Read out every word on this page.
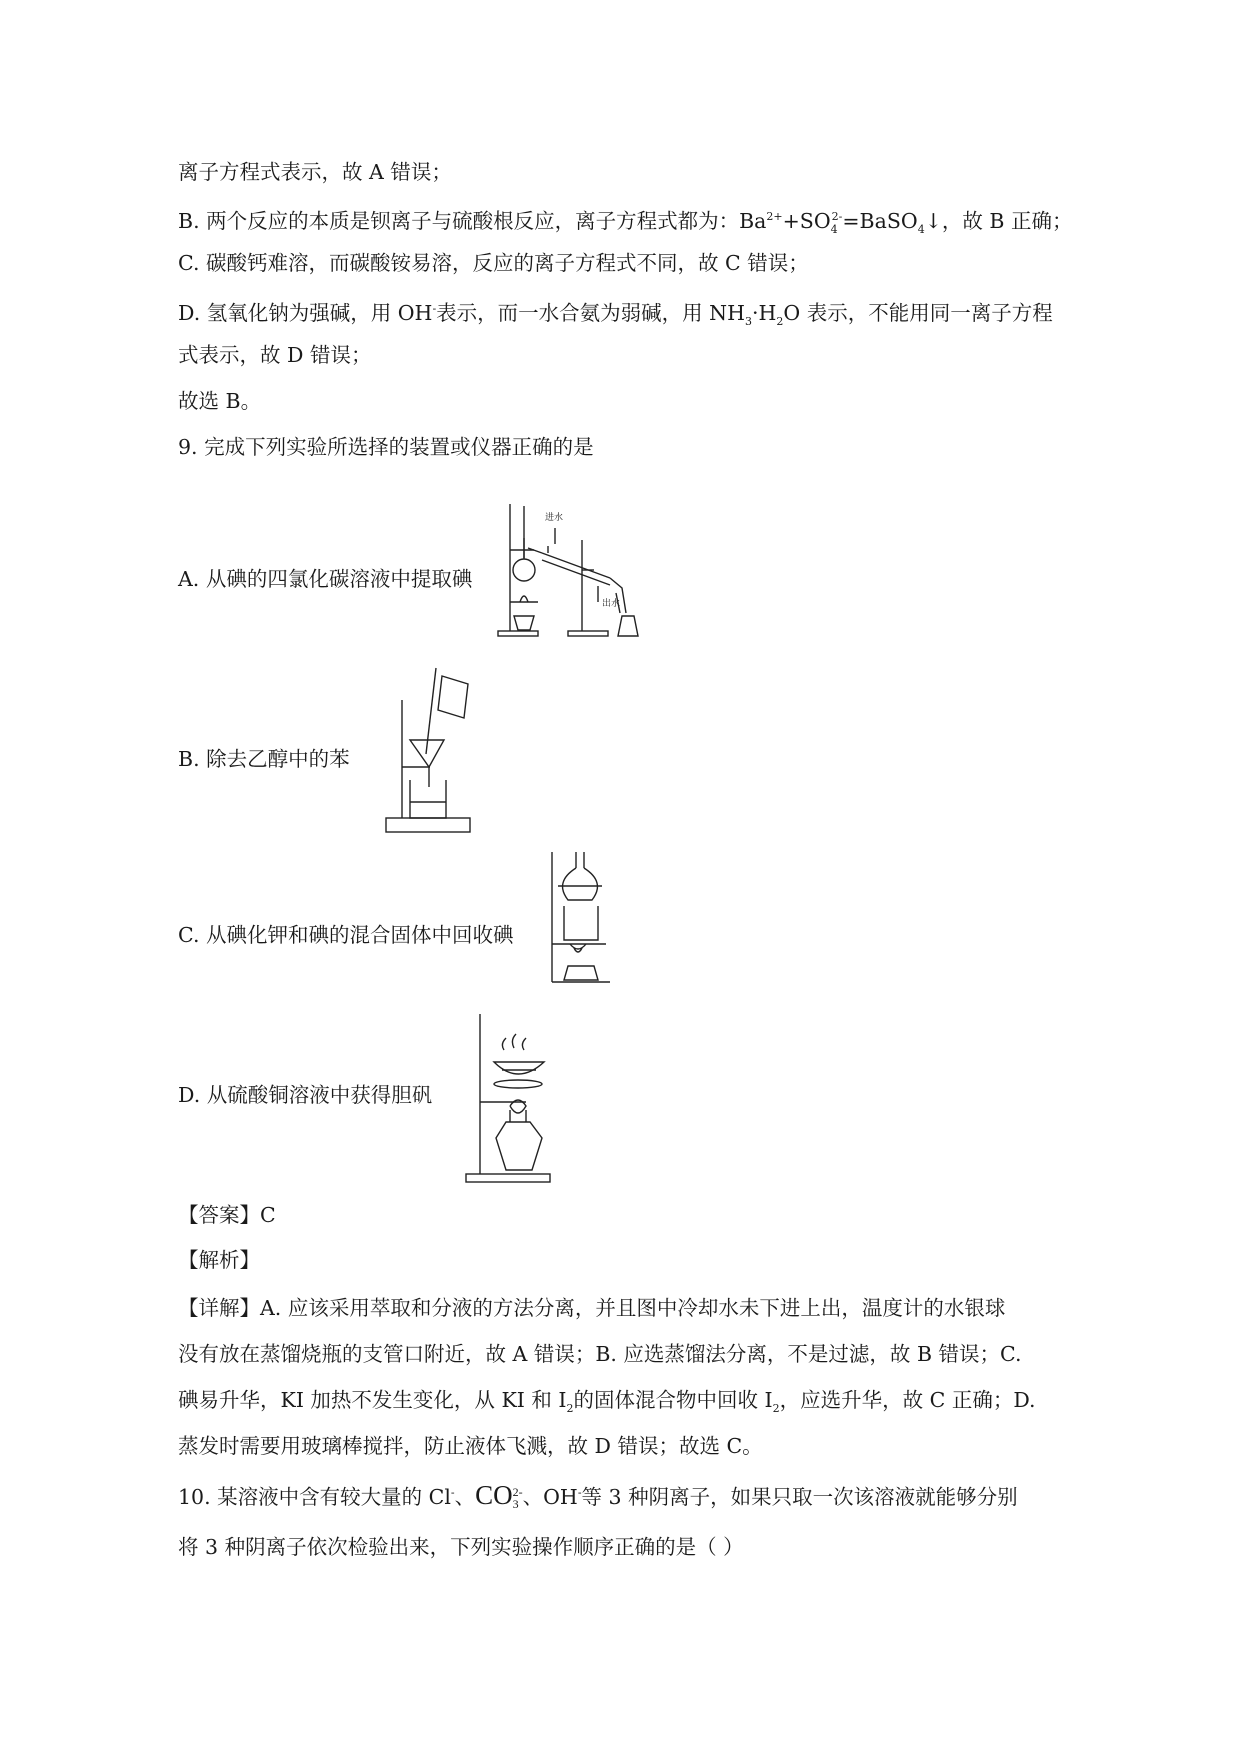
离子方程式表示，故 A 错误；
B. 两个反应的本质是钡离子与硫酸根反应，离子方程式都为：$Ba^{2+}+SO_4^{2-}=BaSO_4↓$，故 B 正确；
C. 碳酸钙难溶，而碳酸铵易溶，反应的离子方程式不同，故 C 错误；
D. 氢氧化钠为强碱，用 OH-表示，而一水合氨为弱碱，用 $NH_3\cdot H_2O$ 表示，不能用同一离子方程
式表示，故 D 错误；
故选 B。
9. 完成下列实验所选择的装置或仪器正确的是
A. 从碘的四氯化碳溶液中提取碘
B. 除去乙醇中的苯
C. 从碘化钾和碘的混合固体中回收碘
D. 从硫酸铜溶液中获得胆矾
进水
出水
【答案】C
【解析】
【详解】A. 应该采用萃取和分液的方法分离，并且图中冷却水未下进上出，温度计的水银球
没有放在蒸馏烧瓶的支管口附近，故 A 错误；B. 应选蒸馏法分离，不是过滤，故 B 错误；C.
碘易升华，KI 加热不发生变化，从 KI 和 $I_2$的固体混合物中回收 $I_2$，应选升华，故 C 正确；D.
蒸发时需要用玻璃棒搅拌，防止液体飞溅，故 D 错误；故选 C。
10. 某溶液中含有较大量的 Cl-、CO 2-
3 、OH-等 3 种阴离子，如果只取一次该溶液就能够分别
将 3 种阴离子依次检验出来，下列实验操作顺序正确的是（ ）
